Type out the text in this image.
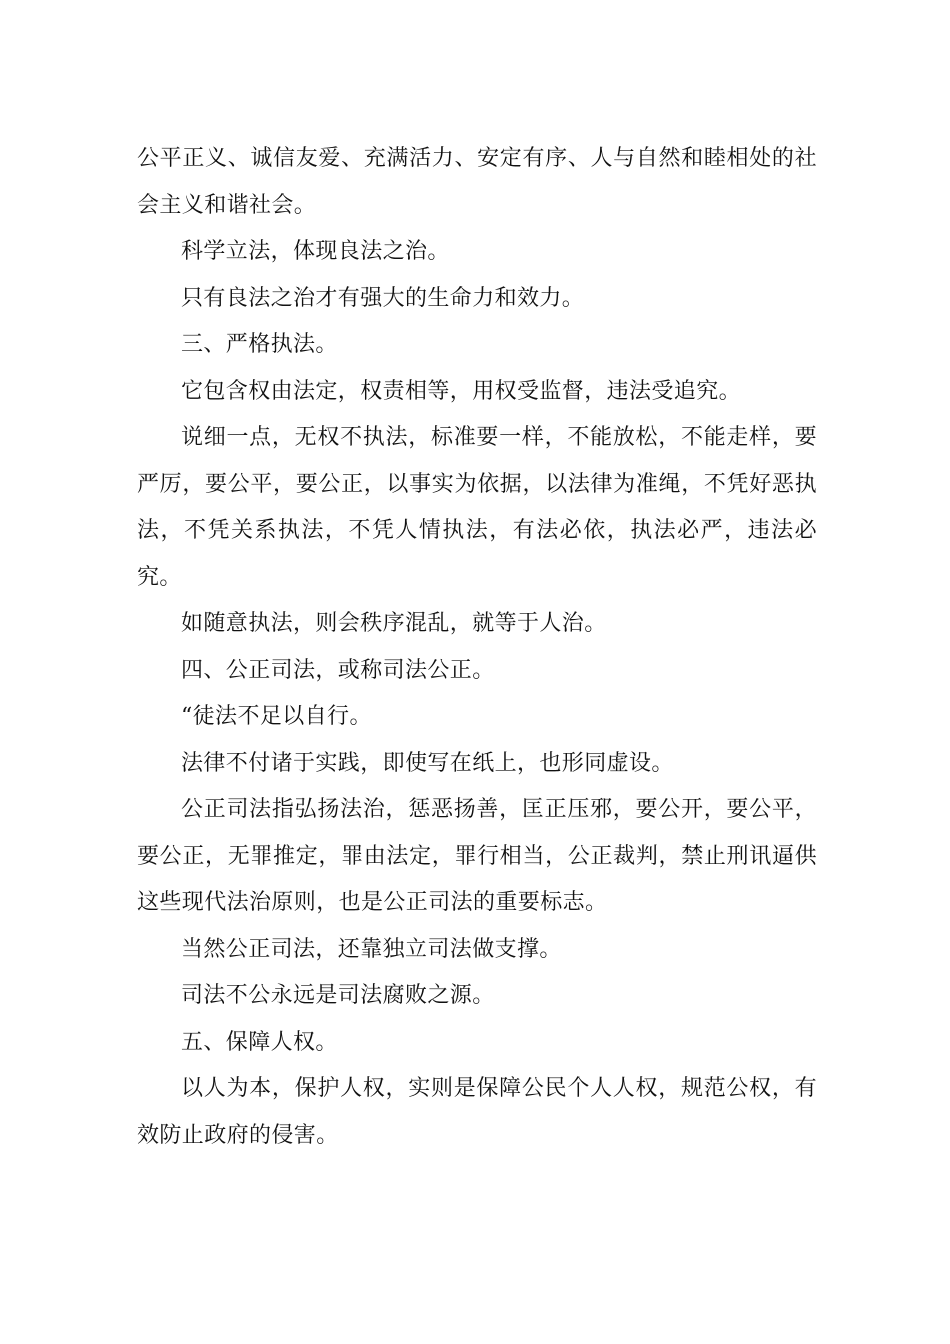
公平正义、诚信友爱、充满活力、安定有序、人与自然和睦相处的社会主义和谐社会。

科学立法，体现良法之治。

只有良法之治才有强大的生命力和效力。

三、严格执法。

它包含权由法定，权责相等，用权受监督，违法受追究。

说细一点，无权不执法，标准要一样，不能放松，不能走样，要严厉，要公平，要公正，以事实为依据，以法律为准绳，不凭好恶执法，不凭关系执法，不凭人情执法，有法必依，执法必严，违法必究。

如随意执法，则会秩序混乱，就等于人治。

四、公正司法，或称司法公正。

“徒法不足以自行。

法律不付诸于实践，即使写在纸上，也形同虚设。

公正司法指弘扬法治，惩恶扬善，匡正压邪，要公开，要公平，要公正，无罪推定，罪由法定，罪行相当，公正裁判，禁止刑讯逼供这些现代法治原则，也是公正司法的重要标志。

当然公正司法，还靠独立司法做支撑。

司法不公永远是司法腐败之源。

五、保障人权。

以人为本，保护人权，实则是保障公民个人人权，规范公权，有效防止政府的侵害。
